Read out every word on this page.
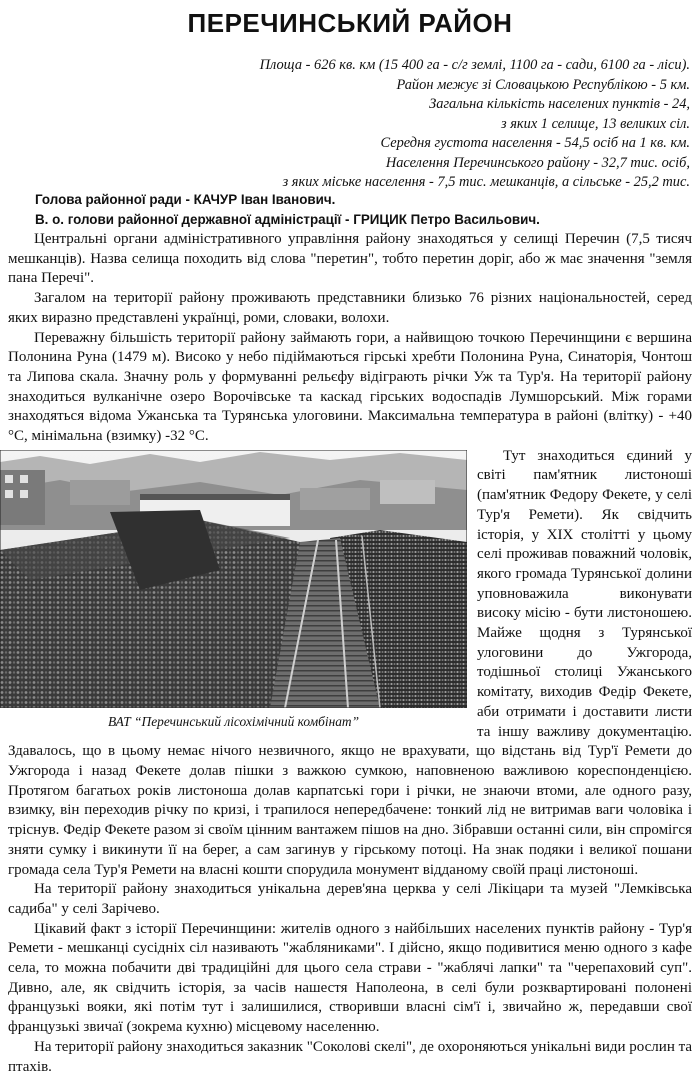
ПЕРЕЧИНСЬКИЙ РАЙОН
Площа - 626 кв. км (15 400 га - с/г землі, 1100 га - сади, 6100 га - ліси).
Район межує зі Словацькою Республікою - 5 км.
Загальна кількість населених пунктів - 24,
з яких 1 селище, 13 великих сіл.
Середня густота населення - 54,5 осіб на 1 кв. км.
Населення Перечинського району - 32,7 тис. осіб,
з яких міське населення - 7,5 тис. мешканців, а сільське - 25,2 тис.
Голова районної ради - КАЧУР Іван Іванович.
В. о. голови районної державної адміністрації - ГРИЦИК Петро Васильович.

Центральні органи адміністративного управління району знаходяться у селищі Перечин (7,5 тисяч мешканців). Назва селища походить від слова "перетин", тобто перетин доріг, або ж має значення "земля пана Перечі".

Загалом на території району проживають представники близько 76 різних національностей, серед яких виразно представлені українці, роми, словаки, волохи.

Переважну більшість території району займають гори, а найвищою точкою Перечинщини є вершина Полонина Руна (1479 м). Високо у небо підіймаються гірські хребти Полонина Руна, Синаторія, Чонтош та Липова скала. Значну роль у формуванні рельєфу відіграють річки Уж та Тур'я. На території району знаходиться вулканічне озеро Ворочівське та каскад гірських водоспадів Лумшорський. Між горами знаходяться відома Ужанська та Турянська улоговини. Максимальна температура в районі (влітку) - +40 °С, мінімальна (взимку) -32 °С.

ВАТ “Перечинський лісохімічний комбінат”

Тут знаходиться єдиний у світі пам'ятник листоноші (пам'ятник Федору Фекете, у селі Тур'я Ремети). Як свідчить історія, у ХІХ столітті у цьому селі проживав поважний чоловік, якого громада Турянської долини уповноважила виконувати високу місію - бути листоношею. Майже щодня з Турянської улоговини до Ужгорода, тодішньої столиці Ужанського комітату, виходив Федір Фекете, аби отримати і доставити листи та іншу важливу документацію. Здавалось, що в цьому немає нічого незвичного, якщо не врахувати, що відстань від Тур'ї Ремети до Ужгорода і назад Фекете долав пішки з важкою сумкою, наповненою важливою кореспонденцією. Протягом багатьох років листоноша долав карпатські гори і річки, не знаючи втоми, але одного разу, взимку, він переходив річку по кризі, і трапилося непередбачене: тонкий лід не витримав ваги чоловіка і тріснув. Федір Фекете разом зі своїм цінним вантажем пішов на дно. Зібравши останні сили, він спромігся зняти сумку і викинути її на берег, а сам загинув у гірському потоці. На знак подяки і великої пошани громада села Тур'я Ремети на власні кошти спорудила монумент відданому своїй праці листоноші.

На території району знаходиться унікальна дерев'яна церква у селі Лікіцари та музей "Лемківська садиба" у селі Зарічево.

Цікавий факт з історії Перечинщини: жителів одного з найбільших населених пунктів району - Тур'я Ремети - мешканці сусідніх сіл називають "жабляниками". І дійсно, якщо подивитися меню одного з кафе села, то можна побачити дві традиційні для цього села страви - "жаблячі лапки" та "черепаховий суп". Дивно, але, як свідчить історія, за часів нашестя Наполеона, в селі були розквартировані полонені французькі вояки, які потім тут і залишилися, створивши власні сім'ї і, звичайно ж, передавши свої французькі звичаї (зокрема кухню) місцевому населенню.

На території району знаходиться заказник "Соколові скелі", де охороняються унікальні види рослин та птахів.
